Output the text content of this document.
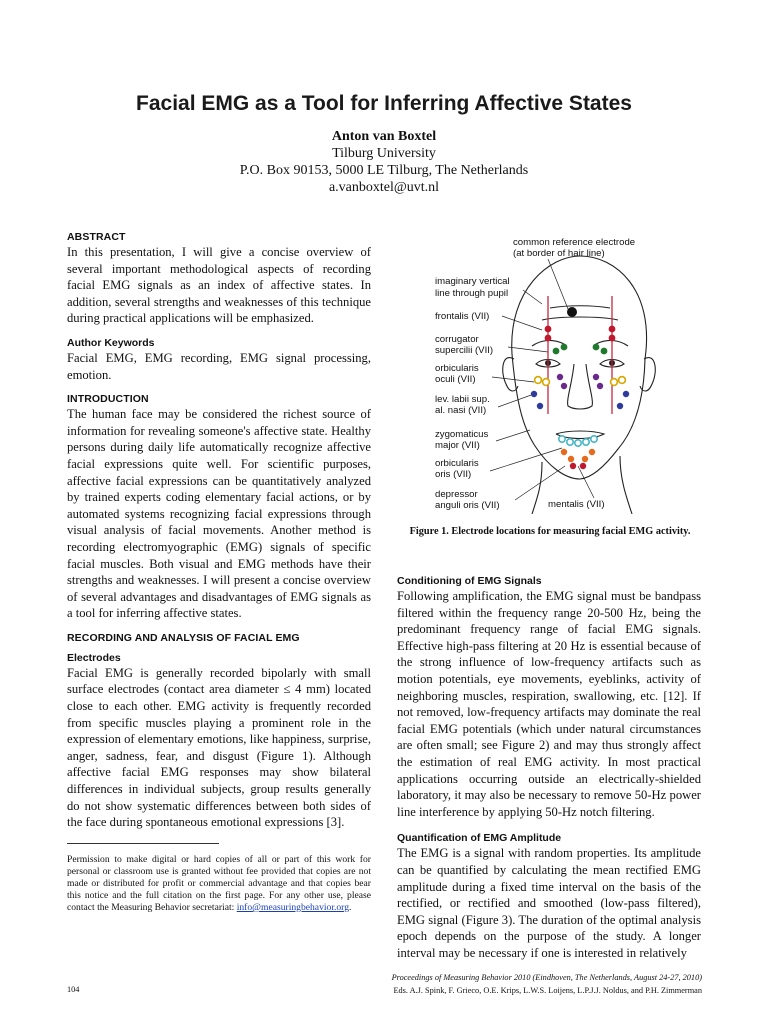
Facial EMG as a Tool for Inferring Affective States
Anton van Boxtel
Tilburg University
P.O. Box 90153, 5000 LE Tilburg, The Netherlands
a.vanboxtel@uvt.nl
ABSTRACT

In this presentation, I will give a concise overview of several important methodological aspects of recording facial EMG signals as an index of affective states. In addition, several strengths and weaknesses of this technique during practical applications will be emphasized.

Author Keywords

Facial EMG, EMG recording, EMG signal processing, emotion.

INTRODUCTION

The human face may be considered the richest source of information for revealing someone's affective state. Healthy persons during daily life automatically recognize affective facial expressions quite well. For scientific purposes, affective facial expressions can be quantitatively analyzed by trained experts coding elementary facial actions, or by automated systems recognizing facial expressions through visual analysis of facial movements. Another method is recording electromyographic (EMG) signals of specific facial muscles. Both visual and EMG methods have their strengths and weaknesses. I will present a concise overview of several advantages and disadvantages of EMG signals as a tool for inferring affective states.

RECORDING AND ANALYSIS OF FACIAL EMG
Electrodes

Facial EMG is generally recorded bipolarly with small surface electrodes (contact area diameter ≤ 4 mm) located close to each other. EMG activity is frequently recorded from specific muscles playing a prominent role in the expression of elementary emotions, like happiness, surprise, anger, sadness, fear, and disgust (Figure 1). Although affective facial EMG responses may show bilateral differences in individual subjects, group results generally do not show systematic differences between both sides of the face during spontaneous emotional expressions [3].

Permission to make digital or hard copies of all or part of this work for personal or classroom use is granted without fee provided that copies are not made or distributed for profit or commercial advantage and that copies bear this notice and the full citation on the first page. For any other use, please contact the Measuring Behavior secretariat: info@measuringbehavior.org.
common reference electrode
(at border of hair line)
imaginary vertical
line through pupil
frontalis (VII)
corrugator
supercilii (VII)
orbicularis
oculi (VII)
lev. labii sup.
al. nasi (VII)
zygomaticus
major (VII)
orbicularis
oris (VII)
depressor
anguli oris (VII)	mentalis (VII)
Figure 1. Electrode locations for measuring facial EMG activity.
Conditioning of EMG Signals

Following amplification, the EMG signal must be bandpass filtered within the frequency range 20-500 Hz, being the predominant frequency range of facial EMG signals. Effective high-pass filtering at 20 Hz is essential because of the strong influence of low-frequency artifacts such as motion potentials, eye movements, eyeblinks, activity of neighboring muscles, respiration, swallowing, etc. [12]. If not removed, low-frequency artifacts may dominate the real facial EMG potentials (which under natural circumstances are often small; see Figure 2) and may thus strongly affect the estimation of real EMG activity. In most practical applications occurring outside an electrically-shielded laboratory, it may also be necessary to remove 50-Hz power line interference by applying 50-Hz notch filtering.

Quantification of EMG Amplitude

The EMG is a signal with random properties. Its amplitude can be quantified by calculating the mean rectified EMG amplitude during a fixed time interval on the basis of the rectified, or rectified and smoothed (low-pass filtered), EMG signal (Figure 3). The duration of the optimal analysis epoch depends on the purpose of the study. A longer interval may be necessary if one is interested in relatively

104
Proceedings of Measuring Behavior 2010 (Eindhoven, The Netherlands, August 24-27, 2010)
Eds. A.J. Spink, F. Grieco, O.E. Krips, L.W.S. Loijens, L.P.J.J. Noldus, and P.H. Zimmerman
